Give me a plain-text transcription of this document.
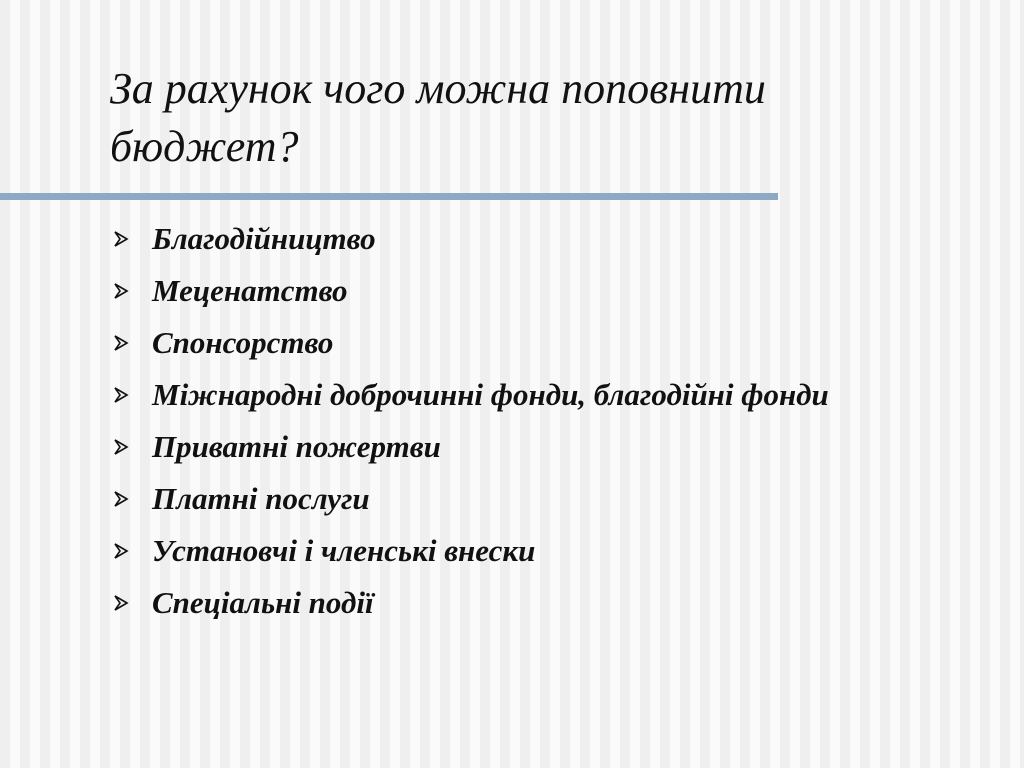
За рахунок чого можна поповнити бюджет?
Благодійництво
Меценатство
Спонсорство
Міжнародні доброчинні фонди, благодійні фонди
Приватні пожертви
Платні послуги
Установчі і членські внески
Спеціальні події
